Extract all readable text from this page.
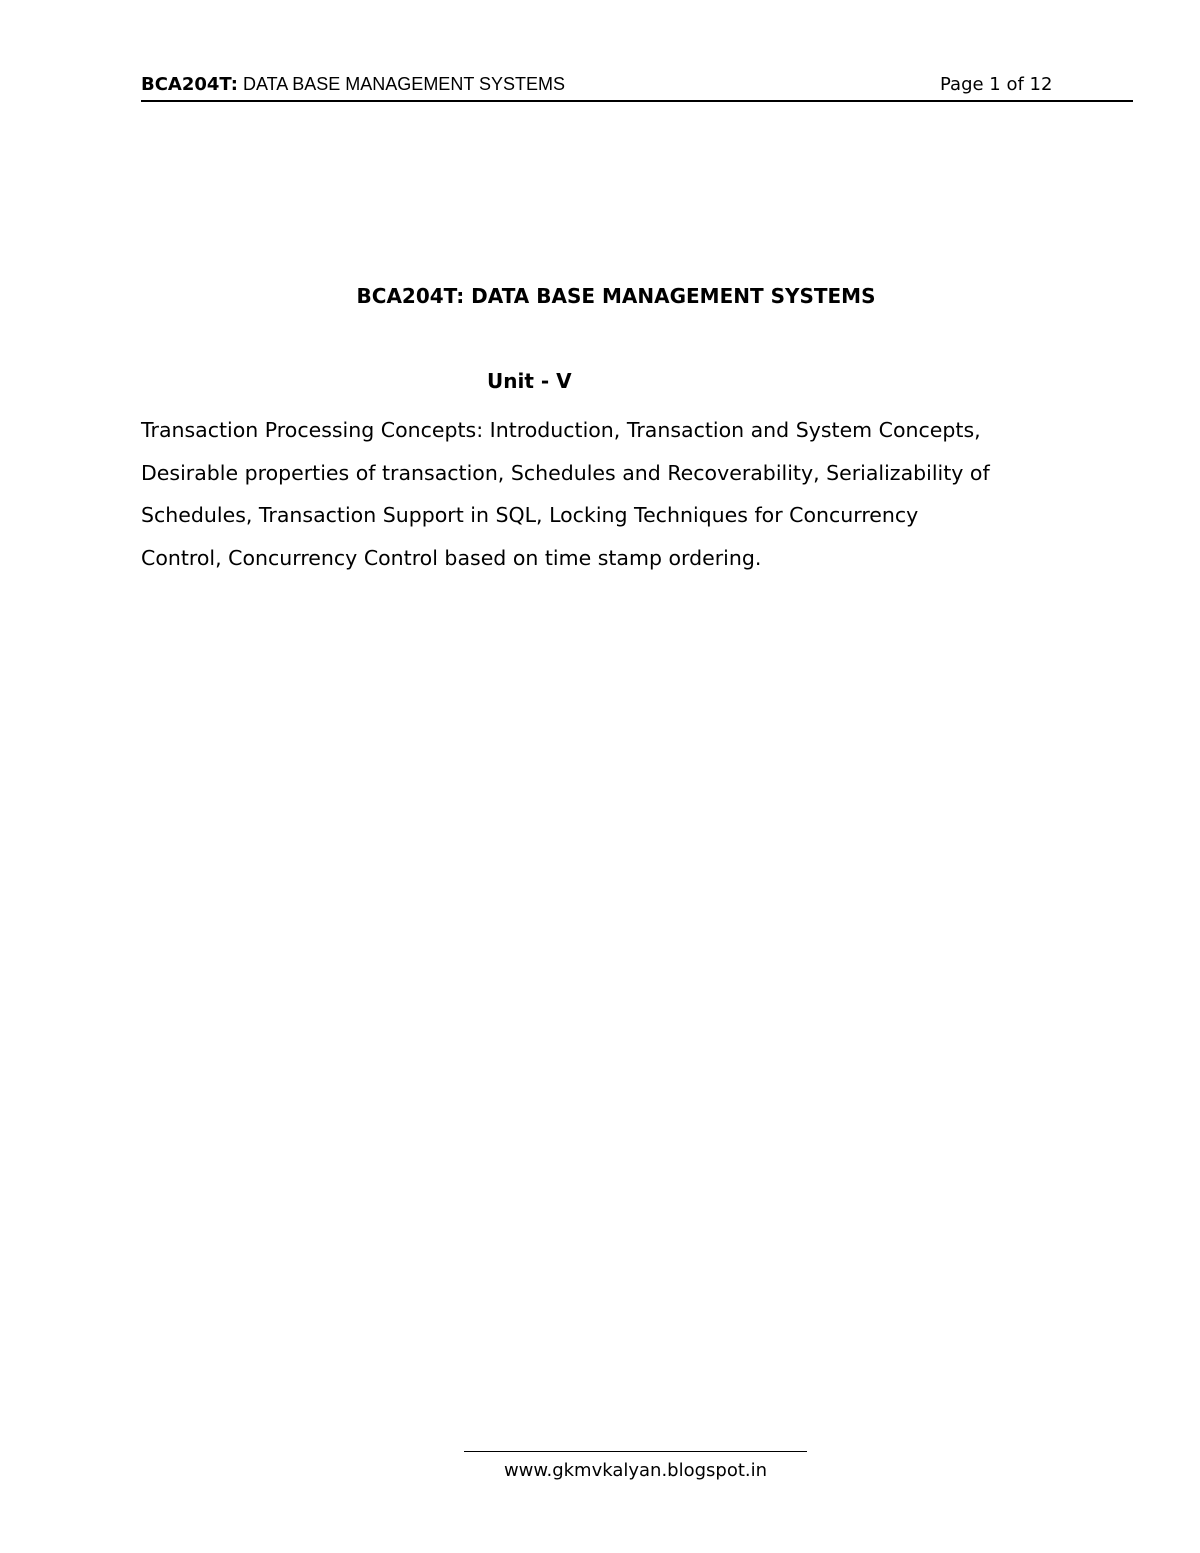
BCA204T: DATA BASE MANAGEMENT SYSTEMS	Page 1 of 12
BCA204T: DATA BASE MANAGEMENT SYSTEMS
Unit - V
Transaction Processing Concepts: Introduction, Transaction and System Concepts,
Desirable properties of transaction, Schedules and Recoverability, Serializability of
Schedules, Transaction Support in SQL, Locking Techniques for Concurrency
Control, Concurrency Control based on time stamp ordering.
www.gkmvkalyan.blogspot.in
